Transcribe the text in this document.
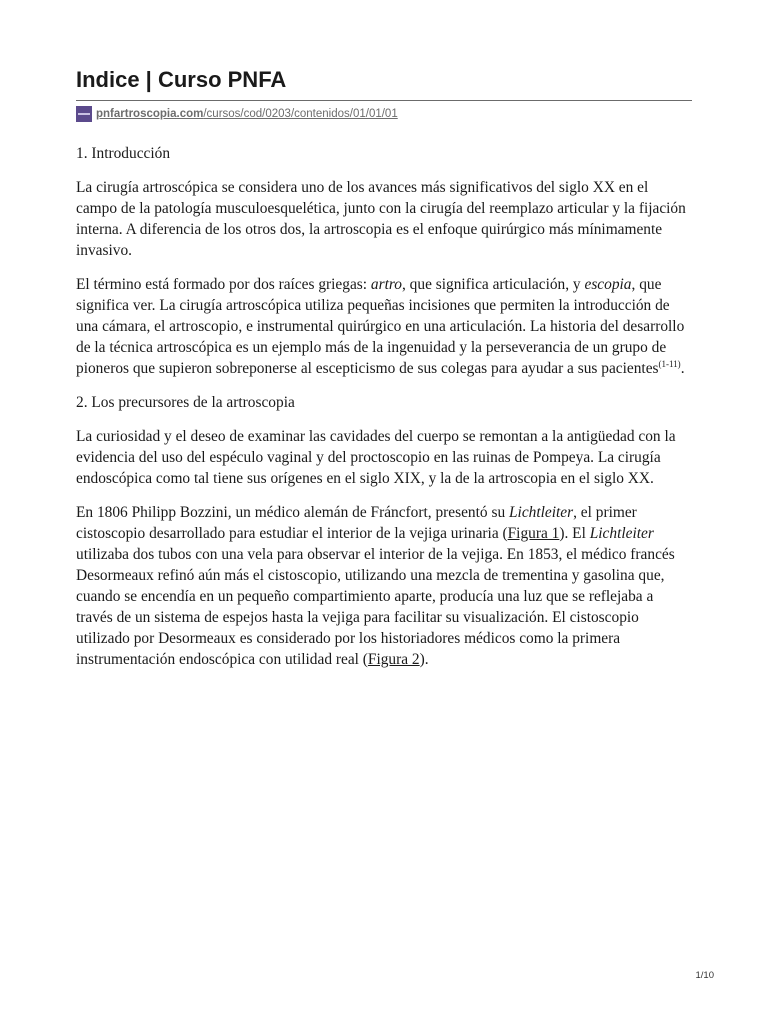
Indice | Curso PNFA
pnfartroscopia.com/cursos/cod/0203/contenidos/01/01/01

1. Introducción

La cirugía artroscópica se considera uno de los avances más significativos del siglo XX en el campo de la patología musculoesquelética, junto con la cirugía del reemplazo articular y la fijación interna. A diferencia de los otros dos, la artroscopia es el enfoque quirúrgico más mínimamente invasivo.

El término está formado por dos raíces griegas: artro, que significa articulación, y escopia, que significa ver. La cirugía artroscópica utiliza pequeñas incisiones que permiten la introducción de una cámara, el artroscopio, e instrumental quirúrgico en una articulación. La historia del desarrollo de la técnica artroscópica es un ejemplo más de la ingenuidad y la perseverancia de un grupo de pioneros que supieron sobreponerse al escepticismo de sus colegas para ayudar a sus pacientes$^{(1-11)}$.

2. Los precursores de la artroscopia

La curiosidad y el deseo de examinar las cavidades del cuerpo se remontan a la antigüedad con la evidencia del uso del espéculo vaginal y del proctoscopio en las ruinas de Pompeya. La cirugía endoscópica como tal tiene sus orígenes en el siglo XIX, y la de la artroscopia en el siglo XX.

En 1806 Philipp Bozzini, un médico alemán de Fráncfort, presentó su Lichtleiter, el primer cistoscopio desarrollado para estudiar el interior de la vejiga urinaria (Figura 1). El Lichtleiter utilizaba dos tubos con una vela para observar el interior de la vejiga. En 1853, el médico francés Desormeaux refinó aún más el cistoscopio, utilizando una mezcla de trementina y gasolina que, cuando se encendía en un pequeño compartimiento aparte, producía una luz que se reflejaba a través de un sistema de espejos hasta la vejiga para facilitar su visualización. El cistoscopio utilizado por Desormeaux es considerado por los historiadores médicos como la primera instrumentación endoscópica con utilidad real (Figura 2).

1/10
